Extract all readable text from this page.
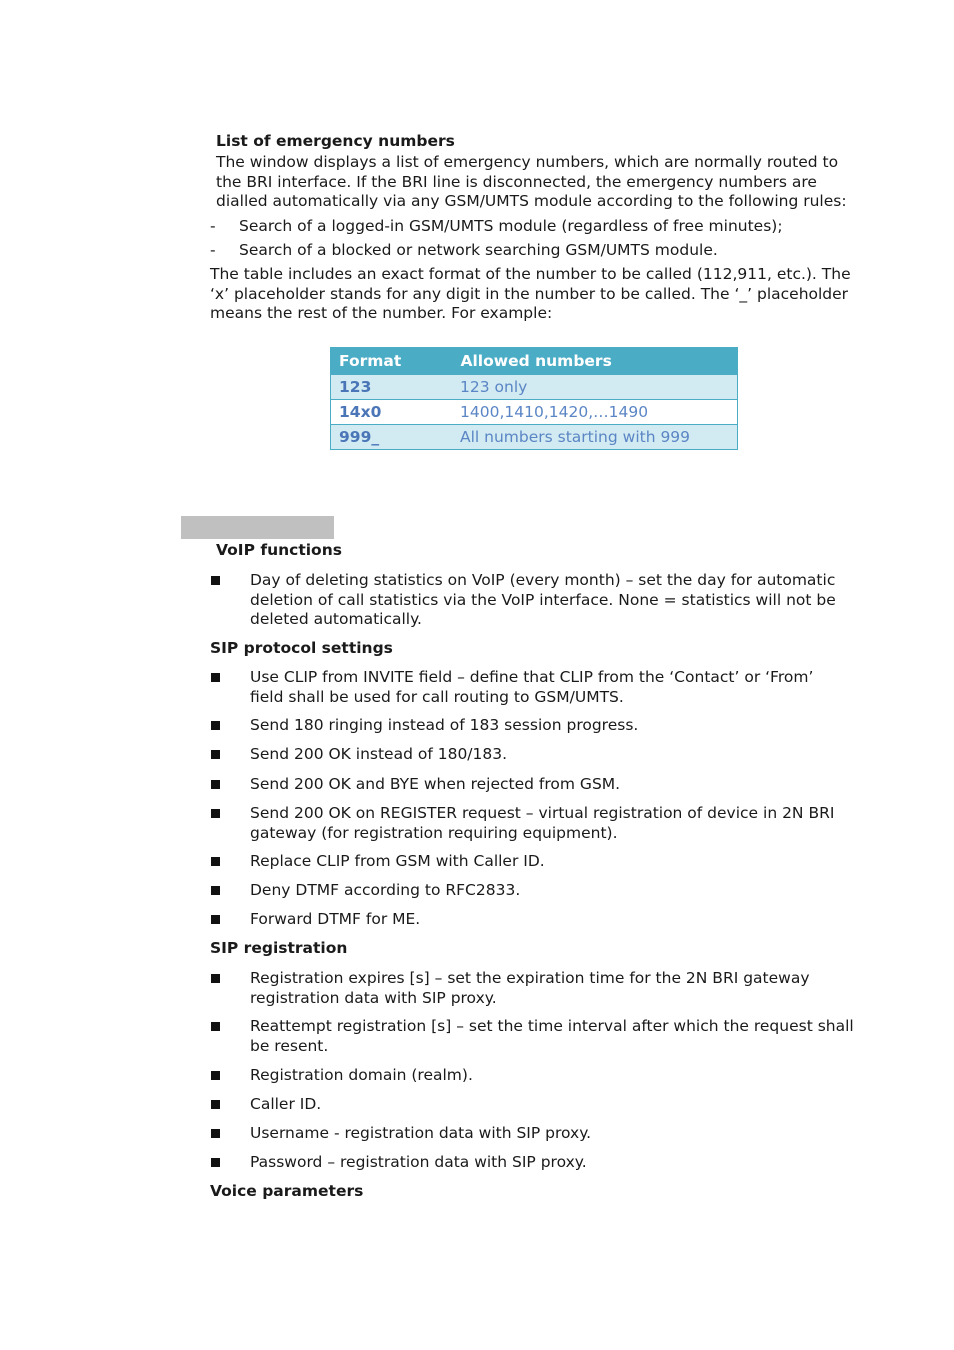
List of emergency numbers
The window displays a list of emergency numbers, which are normally routed to
the BRI interface. If the BRI line is disconnected, the emergency numbers are
dialled automatically via any GSM/UMTS module according to the following rules:
- Search of a logged-in GSM/UMTS module (regardless of free minutes);
- Search of a blocked or network searching GSM/UMTS module.
The table includes an exact format of the number to be called (112,911, etc.). The
‘x’ placeholder stands for any digit in the number to be called. The ‘_’ placeholder
means the rest of the number. For example:
Format	Allowed numbers
123	123 only
14x0	1400,1410,1420,…1490
999_	All numbers starting with 999
VoIP functions
Day of deleting statistics on VoIP (every month) – set the day for automatic
deletion of call statistics via the VoIP interface. None = statistics will not be
deleted automatically.
SIP protocol settings
Use CLIP from INVITE field – define that CLIP from the ‘Contact’ or ‘From’
field shall be used for call routing to GSM/UMTS.
Send 180 ringing instead of 183 session progress.
Send 200 OK instead of 180/183.
Send 200 OK and BYE when rejected from GSM.
Send 200 OK on REGISTER request – virtual registration of device in 2N BRI
gateway (for registration requiring equipment).
Replace CLIP from GSM with Caller ID.
Deny DTMF according to RFC2833.
Forward DTMF for ME.
SIP registration
Registration expires [s] – set the expiration time for the 2N BRI gateway
registration data with SIP proxy.
Reattempt registration [s] – set the time interval after which the request shall
be resent.
Registration domain (realm).
Caller ID.
Username - registration data with SIP proxy.
Password – registration data with SIP proxy.
Voice parameters
